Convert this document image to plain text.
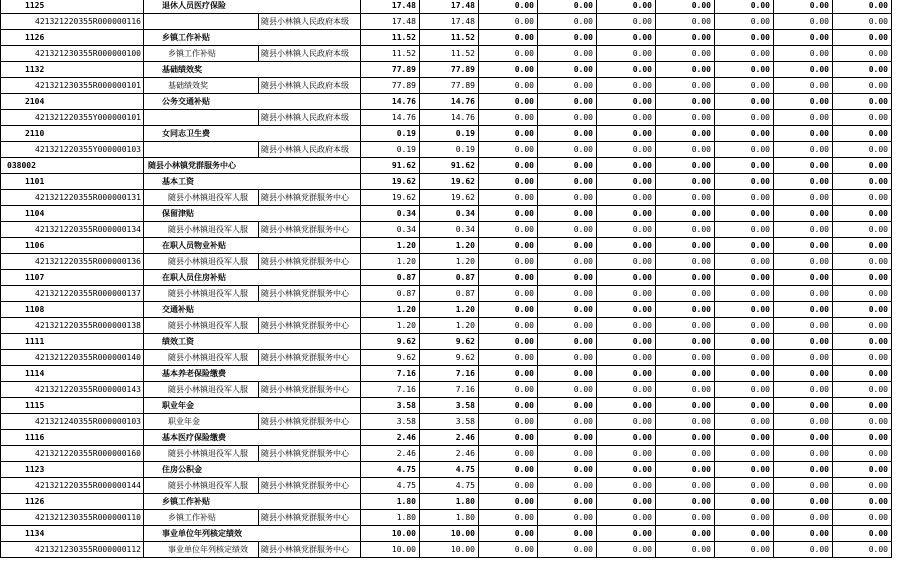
1125	退休人员医疗保险		17.48	17.48	0.00	0.00	0.00	0.00	0.00	0.00	0.00
421321220355R000000116		随县小林镇人民政府本级	17.48	17.48	0.00	0.00	0.00	0.00	0.00	0.00	0.00
1126	乡镇工作补贴		11.52	11.52	0.00	0.00	0.00	0.00	0.00	0.00	0.00
421321230355R000000100	乡镇工作补贴	随县小林镇人民政府本级	11.52	11.52	0.00	0.00	0.00	0.00	0.00	0.00	0.00
1132	基础绩效奖		77.89	77.89	0.00	0.00	0.00	0.00	0.00	0.00	0.00
421321230355R000000101	基础绩效奖	随县小林镇人民政府本级	77.89	77.89	0.00	0.00	0.00	0.00	0.00	0.00	0.00
2104	公务交通补贴		14.76	14.76	0.00	0.00	0.00	0.00	0.00	0.00	0.00
421321220355Y000000101		随县小林镇人民政府本级	14.76	14.76	0.00	0.00	0.00	0.00	0.00	0.00	0.00
2110	女同志卫生费		0.19	0.19	0.00	0.00	0.00	0.00	0.00	0.00	0.00
421321220355Y000000103		随县小林镇人民政府本级	0.19	0.19	0.00	0.00	0.00	0.00	0.00	0.00	0.00
038002	随县小林镇党群服务中心		91.62	91.62	0.00	0.00	0.00	0.00	0.00	0.00	0.00
1101	基本工资		19.62	19.62	0.00	0.00	0.00	0.00	0.00	0.00	0.00
421321220355R000000131	随县小林镇退役军人服	随县小林镇党群服务中心	19.62	19.62	0.00	0.00	0.00	0.00	0.00	0.00	0.00
1104	保留津贴		0.34	0.34	0.00	0.00	0.00	0.00	0.00	0.00	0.00
421321220355R000000134	随县小林镇退役军人服	随县小林镇党群服务中心	0.34	0.34	0.00	0.00	0.00	0.00	0.00	0.00	0.00
1106	在职人员物业补贴		1.20	1.20	0.00	0.00	0.00	0.00	0.00	0.00	0.00
421321220355R000000136	随县小林镇退役军人服	随县小林镇党群服务中心	1.20	1.20	0.00	0.00	0.00	0.00	0.00	0.00	0.00
1107	在职人员住房补贴		0.87	0.87	0.00	0.00	0.00	0.00	0.00	0.00	0.00
421321220355R000000137	随县小林镇退役军人服	随县小林镇党群服务中心	0.87	0.87	0.00	0.00	0.00	0.00	0.00	0.00	0.00
1108	交通补贴		1.20	1.20	0.00	0.00	0.00	0.00	0.00	0.00	0.00
421321220355R000000138	随县小林镇退役军人服	随县小林镇党群服务中心	1.20	1.20	0.00	0.00	0.00	0.00	0.00	0.00	0.00
1111	绩效工资		9.62	9.62	0.00	0.00	0.00	0.00	0.00	0.00	0.00
421321220355R000000140	随县小林镇退役军人服	随县小林镇党群服务中心	9.62	9.62	0.00	0.00	0.00	0.00	0.00	0.00	0.00
1114	基本养老保险缴费		7.16	7.16	0.00	0.00	0.00	0.00	0.00	0.00	0.00
421321220355R000000143	随县小林镇退役军人服	随县小林镇党群服务中心	7.16	7.16	0.00	0.00	0.00	0.00	0.00	0.00	0.00
1115	职业年金		3.58	3.58	0.00	0.00	0.00	0.00	0.00	0.00	0.00
421321240355R000000103	职业年金	随县小林镇党群服务中心	3.58	3.58	0.00	0.00	0.00	0.00	0.00	0.00	0.00
1116	基本医疗保险缴费		2.46	2.46	0.00	0.00	0.00	0.00	0.00	0.00	0.00
421321220355R000000160	随县小林镇退役军人服	随县小林镇党群服务中心	2.46	2.46	0.00	0.00	0.00	0.00	0.00	0.00	0.00
1123	住房公积金		4.75	4.75	0.00	0.00	0.00	0.00	0.00	0.00	0.00
421321220355R000000144	随县小林镇退役军人服	随县小林镇党群服务中心	4.75	4.75	0.00	0.00	0.00	0.00	0.00	0.00	0.00
1126	乡镇工作补贴		1.80	1.80	0.00	0.00	0.00	0.00	0.00	0.00	0.00
421321230355R000000110	乡镇工作补贴	随县小林镇党群服务中心	1.80	1.80	0.00	0.00	0.00	0.00	0.00	0.00	0.00
1134	事业单位年列核定绩效		10.00	10.00	0.00	0.00	0.00	0.00	0.00	0.00	0.00
421321230355R000000112	事业单位年列核定绩效	随县小林镇党群服务中心	10.00	10.00	0.00	0.00	0.00	0.00	0.00	0.00	0.00
